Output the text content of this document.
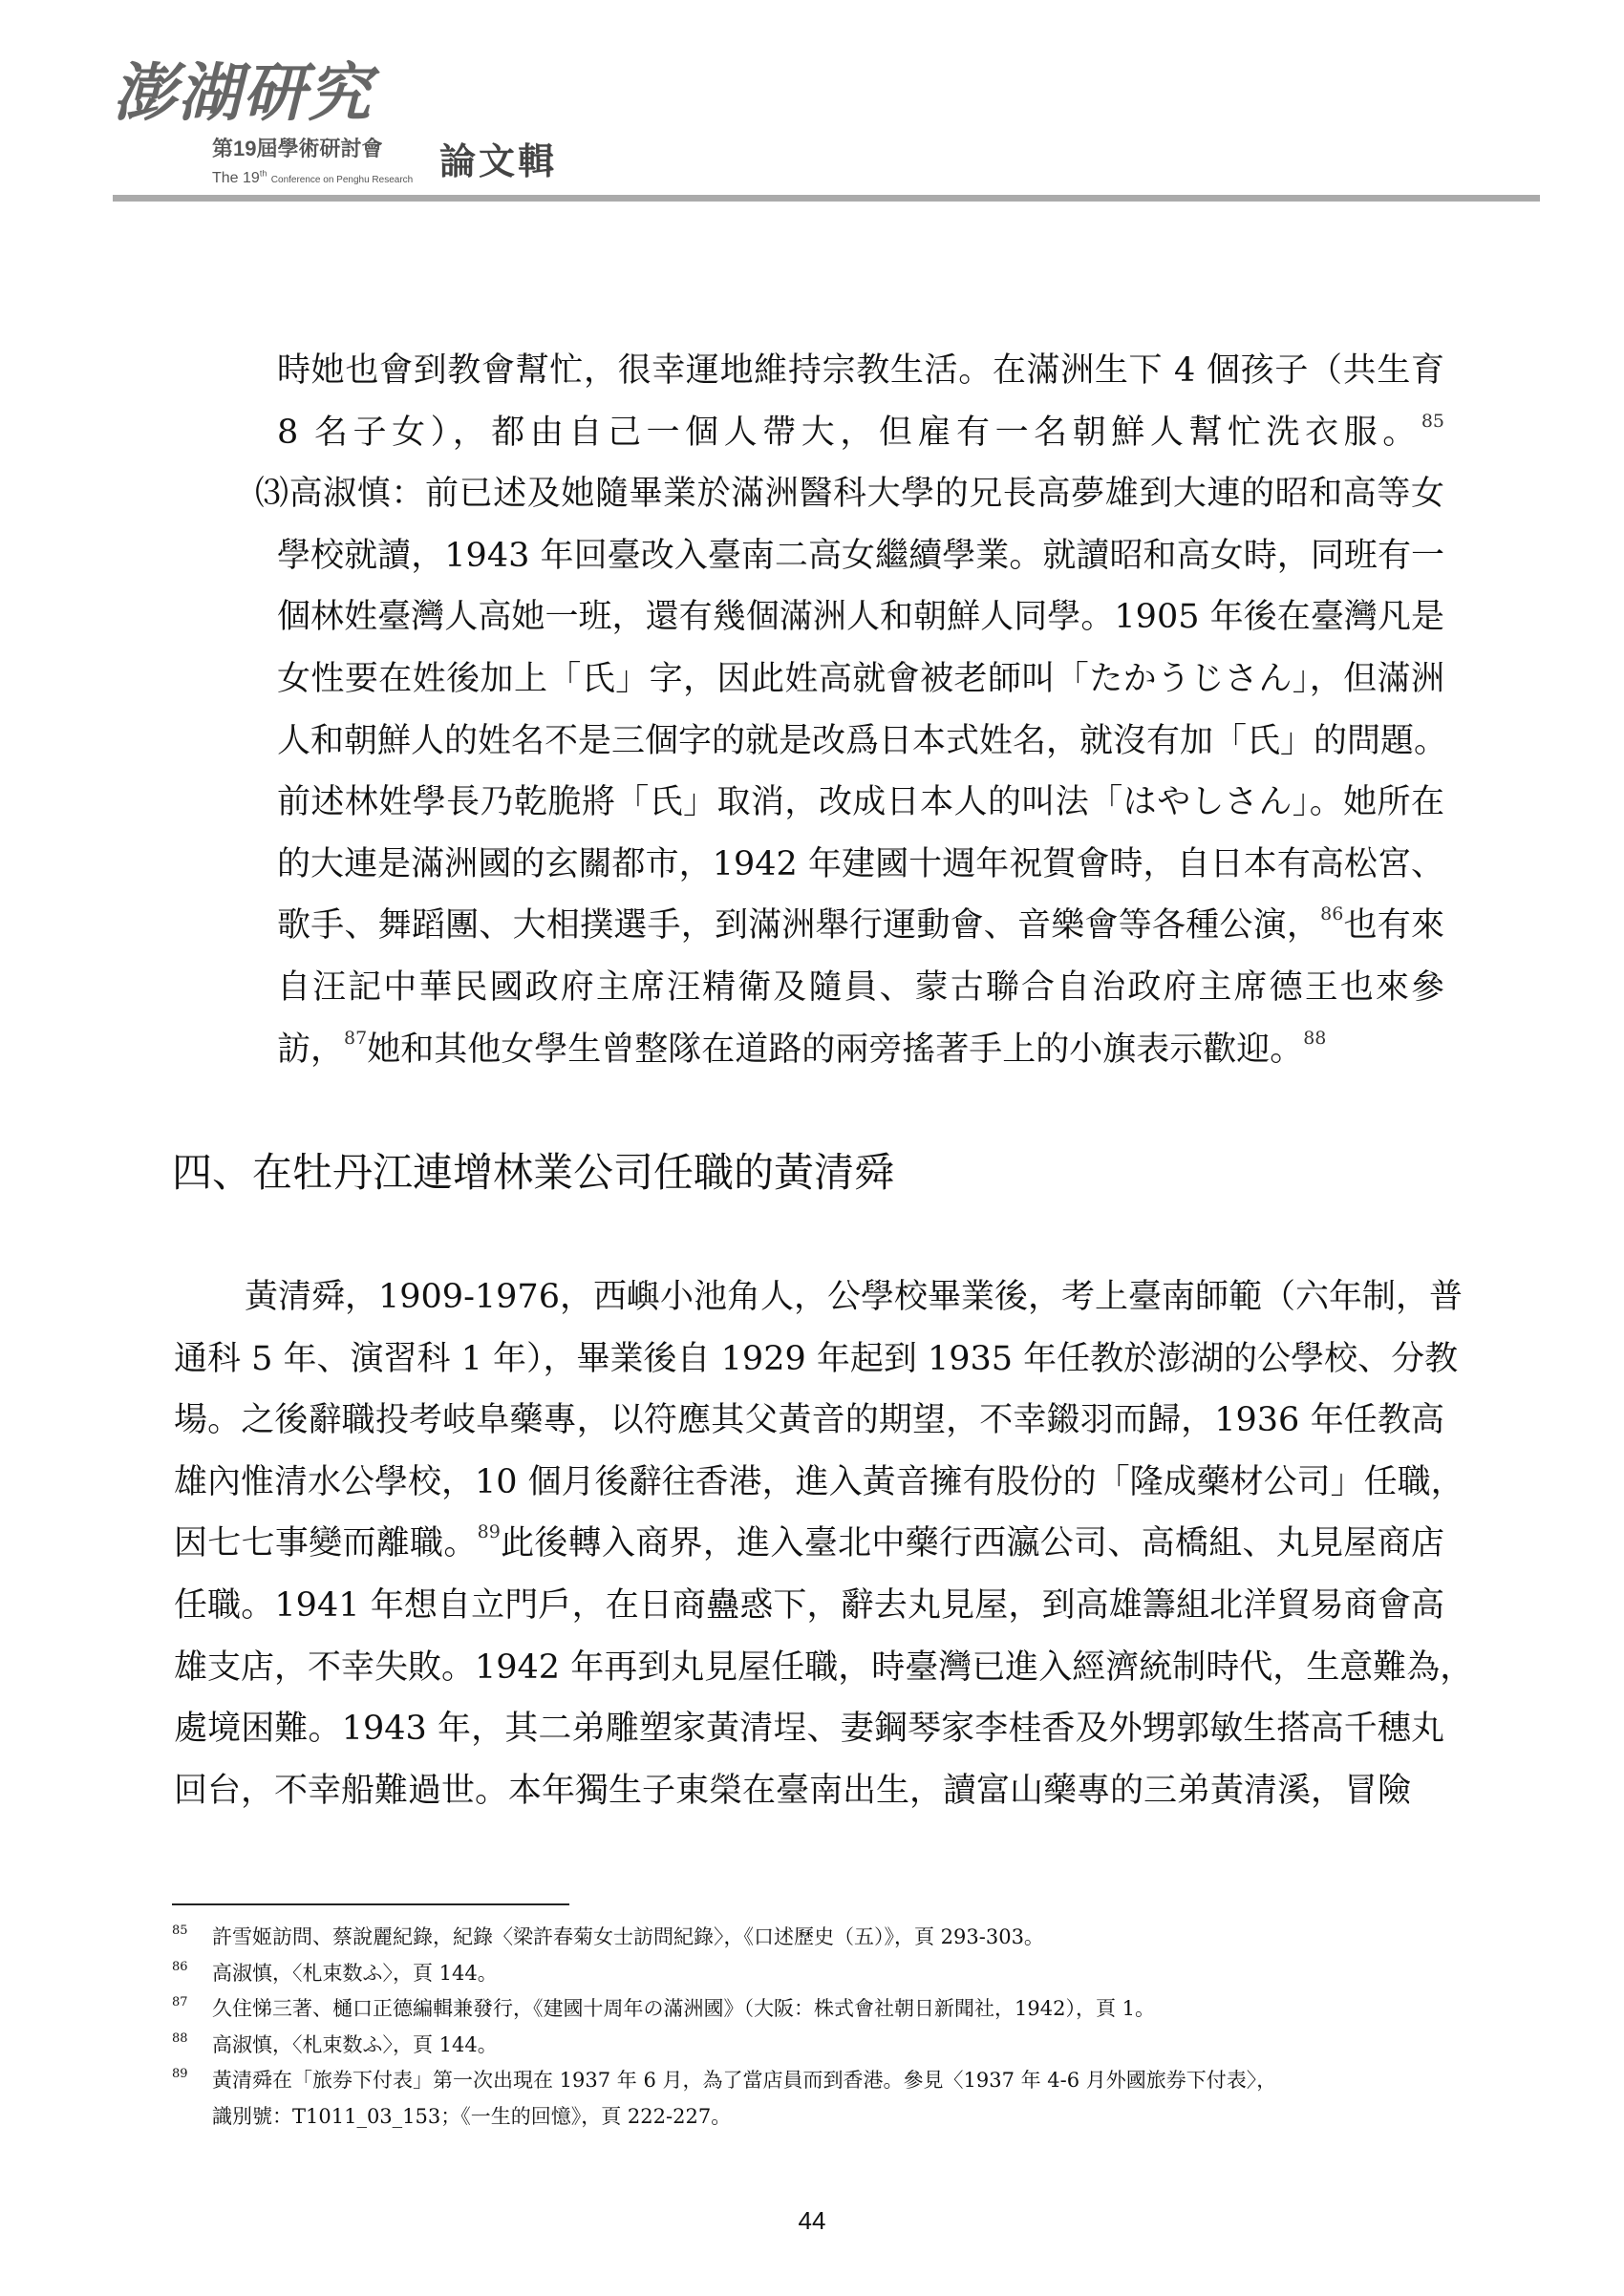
澎湖研究
第19屆學術研討會
The 19th Conference on Penghu Research 論文輯
時她也會到教會幫忙，很幸運地維持宗教生活。在滿洲生下 4 個孩子（共生育
8 名子女），都由自己一個人帶大，但雇有一名朝鮮人幫忙洗衣服。$^{85}$
⑶高淑慎：前已述及她隨畢業於滿洲醫科大學的兄長高夢雄到大連的昭和高等女
學校就讀，1943 年回臺改入臺南二高女繼續學業。就讀昭和高女時，同班有一
個林姓臺灣人高她一班，還有幾個滿洲人和朝鮮人同學。1905 年後在臺灣凡是
女性要在姓後加上「氏」字，因此姓高就會被老師叫「たかうじさん」，但滿洲
人和朝鮮人的姓名不是三個字的就是改爲日本式姓名，就沒有加「氏」的問題。
前述林姓學長乃乾脆將「氏」取消，改成日本人的叫法「はやしさん」。她所在
的大連是滿洲國的玄關都市，1942 年建國十週年祝賀會時，自日本有高松宮、
歌手、舞蹈團、大相撲選手，到滿洲舉行運動會、音樂會等各種公演，$^{86}$也有來
自汪記中華民國政府主席汪精衛及隨員、蒙古聯合自治政府主席德王也來參
訪，$^{87}$她和其他女學生曾整隊在道路的兩旁搖著手上的小旗表示歡迎。$^{88}$
四、在牡丹江連增林業公司任職的黃清舜
黃清舜，1909-1976，西嶼小池角人，公學校畢業後，考上臺南師範（六年制，普
通科 5 年、演習科 1 年），畢業後自 1929 年起到 1935 年任教於澎湖的公學校、分教
場。之後辭職投考岐阜藥專，以符應其父黃音的期望，不幸鎩羽而歸，1936 年任教高
雄內惟清水公學校，10 個月後辭往香港，進入黃音擁有股份的「隆成藥材公司」任職，
因七七事變而離職。$^{89}$此後轉入商界，進入臺北中藥行西瀛公司、高橋組、丸見屋商店
任職。1941 年想自立門戶，在日商蠱惑下，辭去丸見屋，到高雄籌組北洋貿易商會高
雄支店，不幸失敗。1942 年再到丸見屋任職，時臺灣已進入經濟統制時代，生意難為，
處境困難。1943 年，其二弟雕塑家黃清埕、妻鋼琴家李桂香及外甥郭敏生搭高千穗丸
回台，不幸船難過世。本年獨生子東榮在臺南出生，讀富山藥專的三弟黃清溪，冒險
85 許雪姬訪問、蔡說麗紀錄，紀錄〈梁許春菊女士訪問紀錄〉，《口述歷史（五）》，頁 293-303。
86 高淑慎，〈札束数ふ〉，頁 144。
87 久住悌三著、樋口正德編輯兼發行，《建國十周年の滿洲國》（大阪：株式會社朝日新聞社，1942），頁 1。
88 高淑慎，〈札束数ふ〉，頁 144。
89 黃清舜在「旅券下付表」第一次出現在 1937 年 6 月，為了當店員而到香港。參見〈1937 年 4-6 月外國旅券下付表〉，
識別號：T1011_03_153；《一生的回憶》，頁 222-227。
44
